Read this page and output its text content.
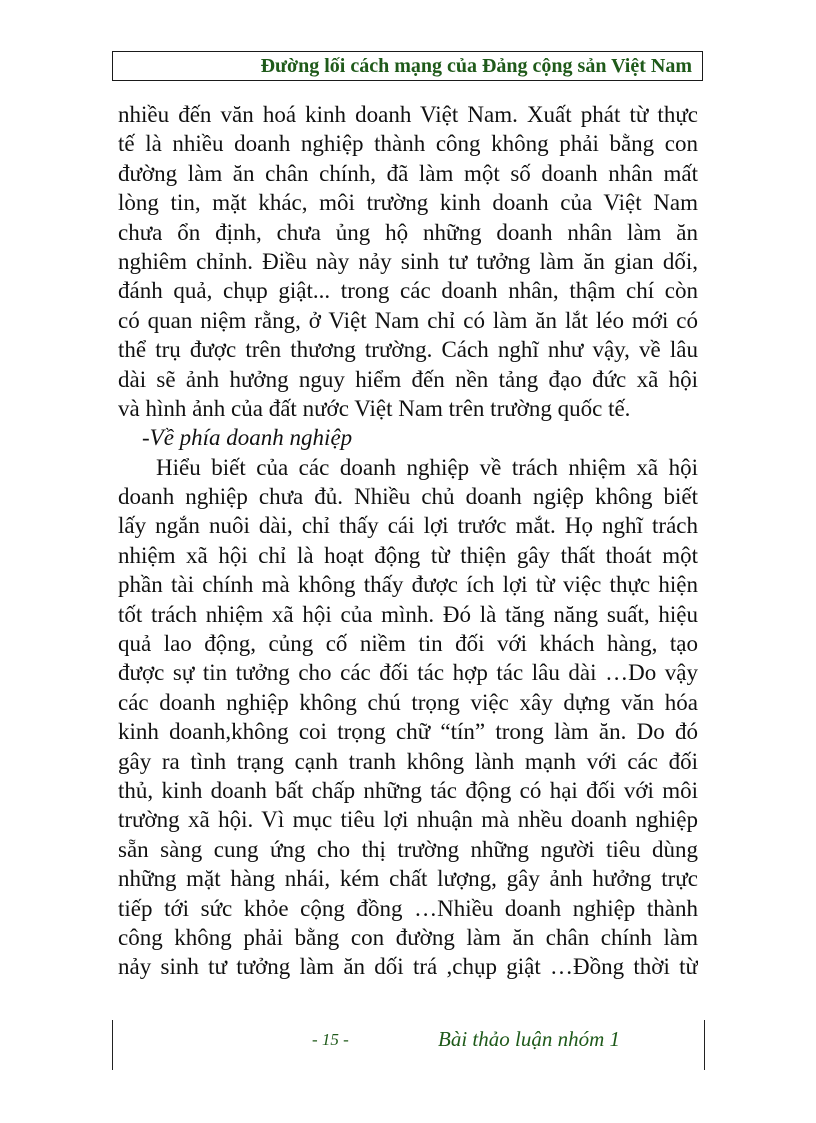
Đường lối cách mạng của Đảng cộng sản Việt Nam
nhiều đến văn hoá kinh doanh Việt Nam. Xuất phát từ thực
tế là nhiều doanh nghiệp thành công không phải bằng con
đường làm ăn chân chính, đã làm một số doanh nhân mất
lòng tin, mặt khác, môi trường kinh doanh của Việt Nam
chưa ổn định, chưa ủng hộ những doanh nhân làm ăn
nghiêm chỉnh. Điều này nảy sinh tư tưởng làm ăn gian dối,
đánh quả, chụp giật... trong các doanh nhân, thậm chí còn
có quan niệm rằng, ở Việt Nam chỉ có làm ăn lắt léo mới có
thể trụ được trên thương trường. Cách nghĩ như vậy, về lâu
dài sẽ ảnh hưởng nguy hiểm đến nền tảng đạo đức xã hội
và hình ảnh của đất nước Việt Nam trên trường quốc tế.
-Về phía doanh nghiệp
Hiểu biết của các doanh nghiệp về trách nhiệm xã hội
doanh nghiệp chưa đủ. Nhiều chủ doanh ngiệp không biết
lấy ngắn nuôi dài, chỉ thấy cái lợi trước mắt. Họ nghĩ trách
nhiệm xã hội chỉ là hoạt động từ thiện gây thất thoát một
phần tài chính mà không thấy được ích lợi từ việc thực hiện
tốt trách nhiệm xã hội của mình. Đó là tăng năng suất, hiệu
quả lao động, củng cố niềm tin đối với khách hàng, tạo
được sự tin tưởng cho các đối tác hợp tác lâu dài …Do vậy
các doanh nghiệp không chú trọng việc xây dựng văn hóa
kinh doanh,không coi trọng chữ “tín” trong làm ăn. Do đó
gây ra tình trạng cạnh tranh không lành mạnh với các đối
thủ, kinh doanh bất chấp những tác động có hại đối với môi
trường xã hội. Vì mục tiêu lợi nhuận mà nhều doanh nghiệp
sẵn sàng cung ứng cho thị trường những người tiêu dùng
những mặt hàng nhái, kém chất lượng, gây ảnh hưởng trực
tiếp tới sức khỏe cộng đồng …Nhiều doanh nghiệp thành
công không phải bằng con đường làm ăn chân chính làm
nảy sinh tư tưởng làm ăn dối trá ,chụp giật …Đồng thời từ
- 15 -	Bài thảo luận nhóm 1
